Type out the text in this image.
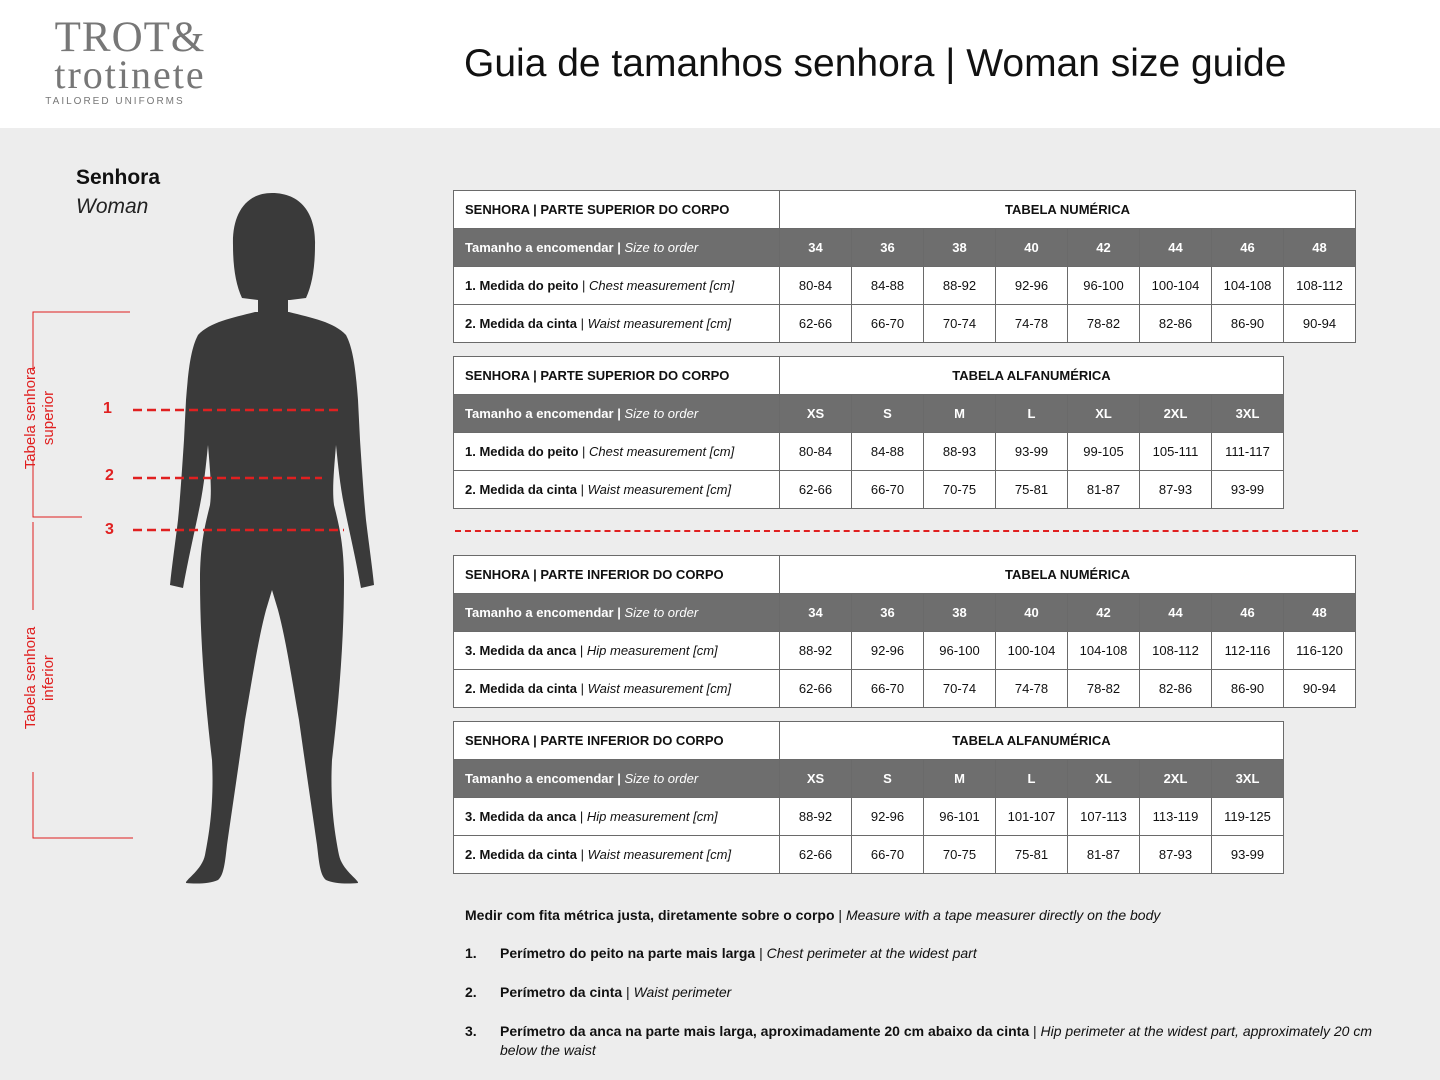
TROT&
trotinete
TAILORED UNIFORMS
Guia de tamanhos senhora | Woman size guide
Senhora
Woman
Tabela senhora superior
Tabela senhora inferior
1
2
3
SENHORA | PARTE SUPERIOR DO CORPO	TABELA NUMÉRICA							
Tamanho a encomendar | Size to order	34	36	38	40	42	44	46	48
1. Medida do peito | Chest measurement [cm]	80-84	84-88	88-92	92-96	96-100	100-104	104-108	108-112
2. Medida da cinta | Waist measurement [cm]	62-66	66-70	70-74	74-78	78-82	82-86	86-90	90-94
SENHORA | PARTE SUPERIOR DO CORPO	TABELA ALFANUMÉRICA						
Tamanho a encomendar | Size to order	XS	S	M	L	XL	2XL	3XL
1. Medida do peito | Chest measurement [cm]	80-84	84-88	88-93	93-99	99-105	105-111	111-117
2. Medida da cinta | Waist measurement [cm]	62-66	66-70	70-75	75-81	81-87	87-93	93-99
SENHORA | PARTE INFERIOR DO CORPO	TABELA NUMÉRICA							
Tamanho a encomendar | Size to order	34	36	38	40	42	44	46	48
3. Medida da anca | Hip measurement [cm]	88-92	92-96	96-100	100-104	104-108	108-112	112-116	116-120
2. Medida da cinta | Waist measurement [cm]	62-66	66-70	70-74	74-78	78-82	82-86	86-90	90-94
SENHORA | PARTE INFERIOR DO CORPO	TABELA ALFANUMÉRICA						
Tamanho a encomendar | Size to order	XS	S	M	L	XL	2XL	3XL
3. Medida da anca | Hip measurement [cm]	88-92	92-96	96-101	101-107	107-113	113-119	119-125
2. Medida da cinta | Waist measurement [cm]	62-66	66-70	70-75	75-81	81-87	87-93	93-99
Medir com fita métrica justa, diretamente sobre o corpo | Measure with a tape measurer directly on the body
1. Perímetro do peito na parte mais larga | Chest perimeter at the widest part
2. Perímetro da cinta | Waist perimeter
3. Perímetro da anca na parte mais larga, aproximadamente 20 cm abaixo da cinta | Hip perimeter at the widest part, approximately 20 cm below the waist
